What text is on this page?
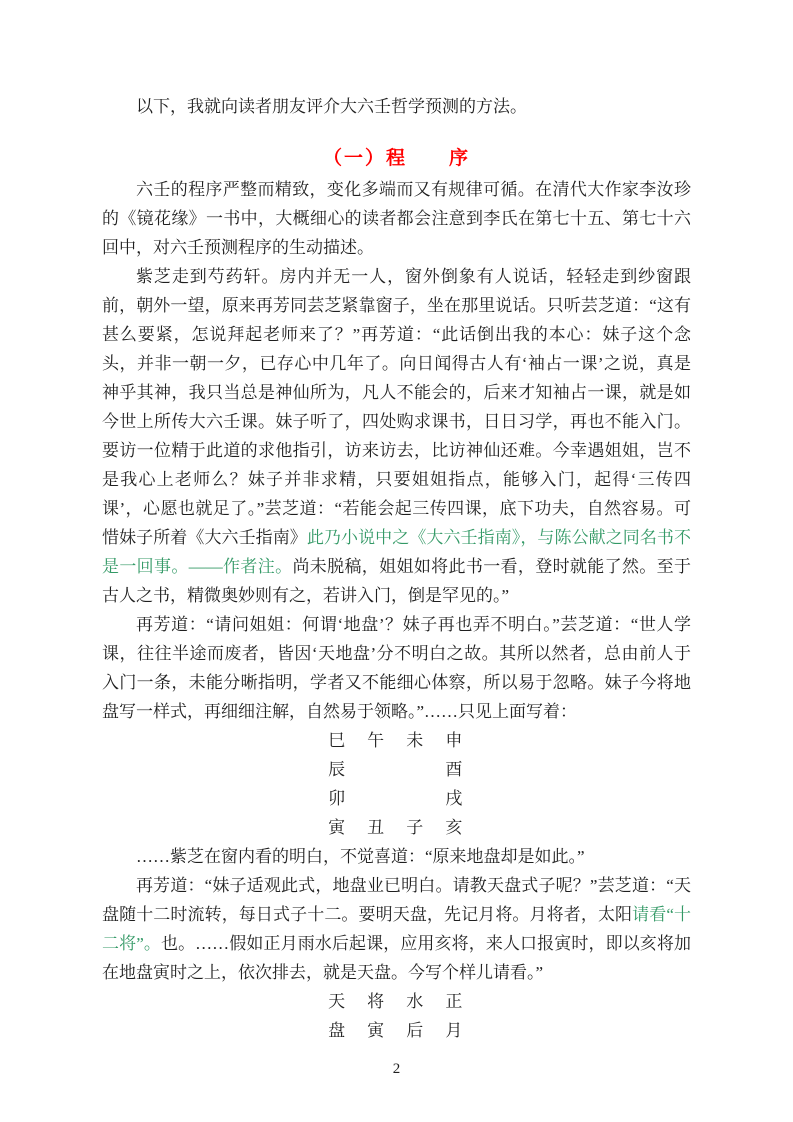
以下，我就向读者朋友评介大六壬哲学预测的方法。

（一）程　　序

六壬的程序严整而精致，变化多端而又有规律可循。在清代大作家李汝珍的《镜花缘》一书中，大概细心的读者都会注意到李氏在第七十五、第七十六回中，对六壬预测程序的生动描述。

紫芝走到芍药轩。房内并无一人，窗外倒象有人说话，轻轻走到纱窗跟前，朝外一望，原来再芳同芸芝紧靠窗子，坐在那里说话。只听芸芝道：“这有甚么要紧，怎说拜起老师来了？”再芳道：“此话倒出我的本心：妹子这个念头，并非一朝一夕，已存心中几年了。向日闻得古人有‘袖占一课’之说，真是神乎其神，我只当总是神仙所为，凡人不能会的，后来才知袖占一课，就是如今世上所传大六壬课。妹子听了，四处购求课书，日日习学，再也不能入门。要访一位精于此道的求他指引，访来访去，比访神仙还难。今幸遇姐姐，岂不是我心上老师么？妹子并非求精，只要姐姐指点，能够入门，起得‘三传四课’，心愿也就足了。”芸芝道：“若能会起三传四课，底下功夫，自然容易。可惜妹子所着《大六壬指南》此乃小说中之《大六壬指南》，与陈公献之同名书不是一回事。——作者注。尚未脱稿，姐姐如将此书一看，登时就能了然。至于古人之书，精微奥妙则有之，若讲入门，倒是罕见的。”

再芳道：“请问姐姐：何谓‘地盘’？妹子再也弄不明白。”芸芝道：“世人学课，往往半途而废者，皆因‘天地盘’分不明白之故。其所以然者，总由前人于入门一条，未能分晰指明，学者又不能细心体察，所以易于忽略。妹子今将地盘写一样式，再细细注解，自然易于领略。”……只见上面写着：

巳　午　未　申
辰　　　　　酉
卯　　　　　戌
寅　丑　子　亥

……紫芝在窗内看的明白，不觉喜道：“原来地盘却是如此。”

再芳道：“妹子适观此式，地盘业已明白。请教天盘式子呢？”芸芝道：“天盘随十二时流转，每日式子十二。要明天盘，先记月将。月将者，太阳请看“十二将”。也。……假如正月雨水后起课，应用亥将，来人口报寅时，即以亥将加在地盘寅时之上，依次排去，就是天盘。今写个样儿请看。”

天　将　水　正
盘　寅　后　月
2
